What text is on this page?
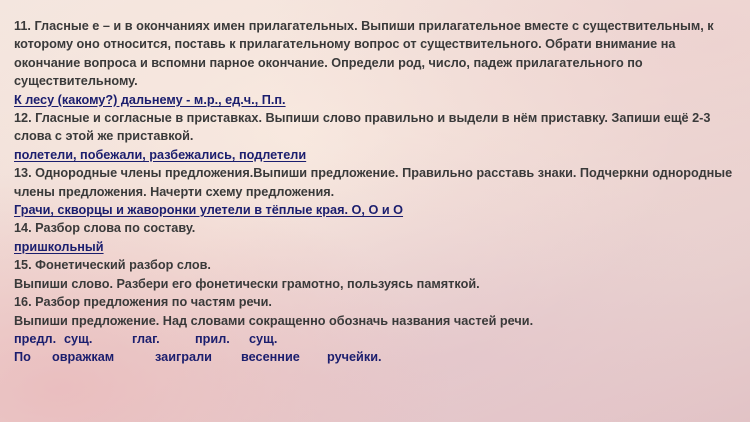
11. Гласные е – и в окончаниях имен прилагательных. Выпиши прилагательное вместе с существительным, к которому оно относится, поставь к прилагательному вопрос от существительного. Обрати внимание на окончание вопроса и вспомни парное окончание. Определи род, число, падеж прилагательного по существительному.
К лесу (какому?) дальнему - м.р., ед.ч., П.п.
12. Гласные и согласные в приставках. Выпиши слово правильно и выдели в нём приставку. Запиши ещё 2-3 слова с этой же приставкой.
полетели, побежали, разбежались, подлетели
13. Однородные члены предложения.Выпиши предложение. Правильно расставь знаки. Подчеркни однородные члены предложения. Начерти схему предложения.
Грачи, скворцы и жаворонки улетели в тёплые края. О, О и О
14. Разбор слова по составу.
пришкольный
15. Фонетический разбор слов.
Выпиши слово. Разбери его фонетически грамотно, пользуясь памяткой.
16. Разбор предложения по частям речи.
Выпиши предложение. Над словами сокращенно обозначь названия частей речи.
предл. сущ.	глаг.	прил. сущ.
По овражкам	заиграли весенние ручейки.
